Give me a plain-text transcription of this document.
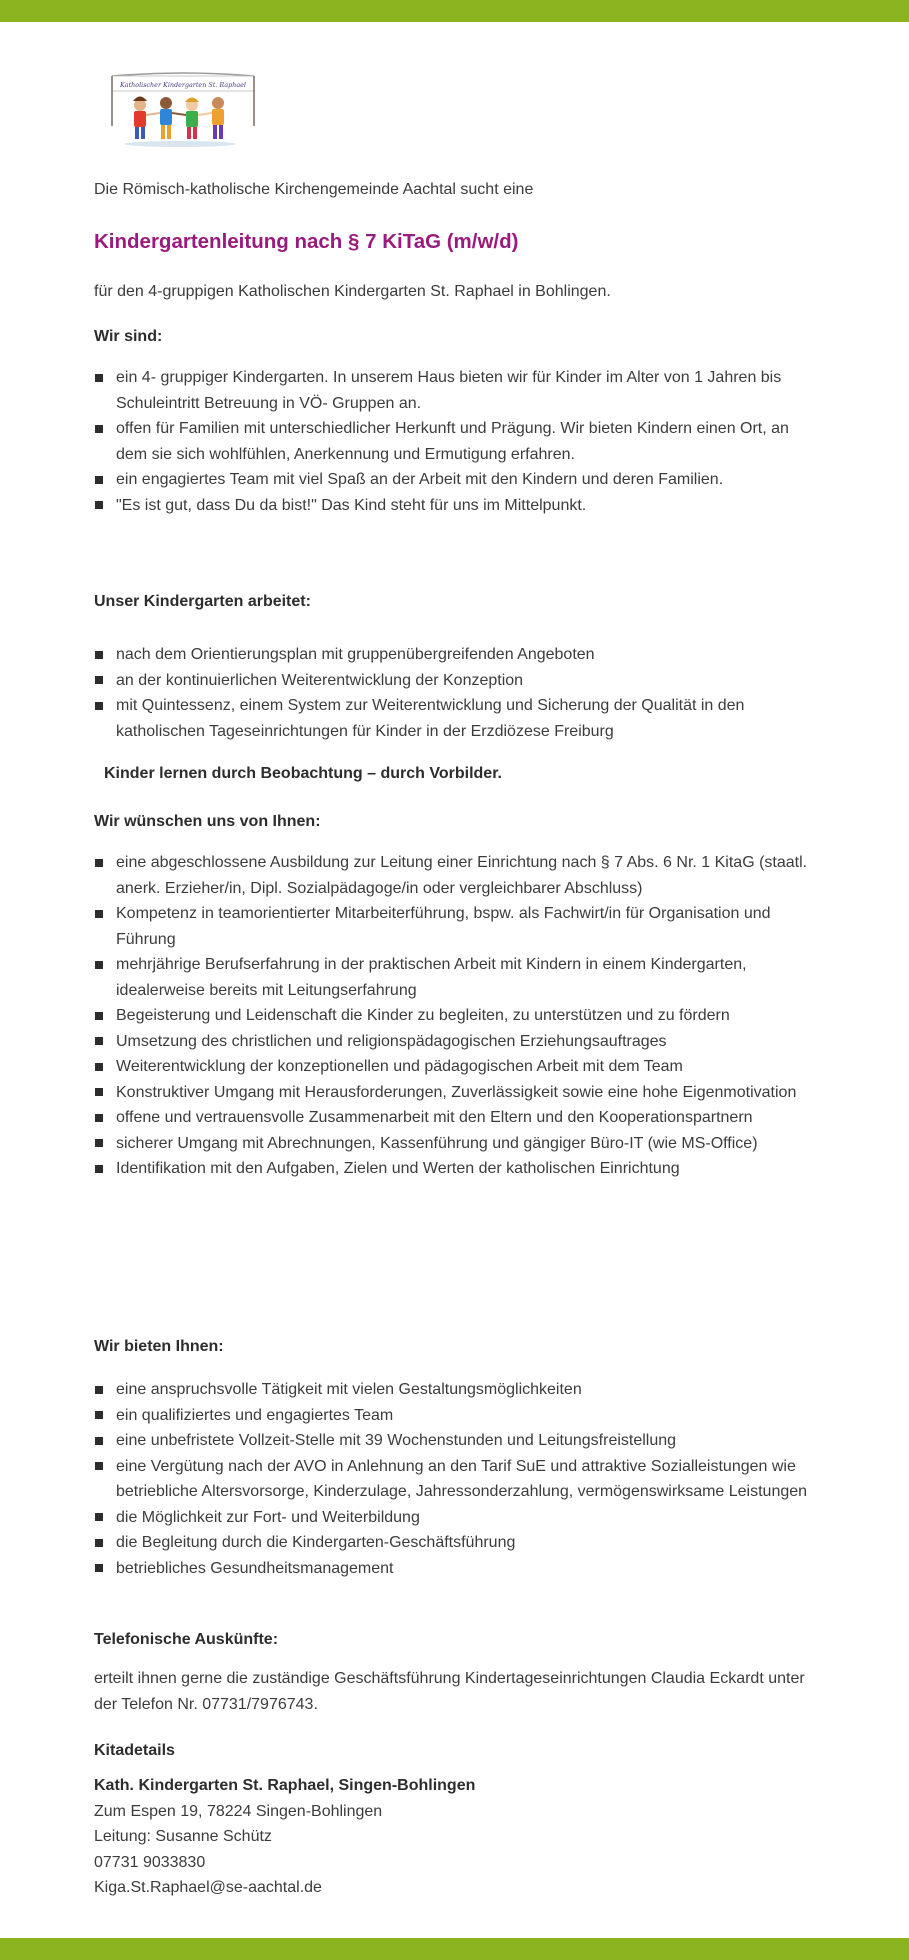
Katholischer Kindergarten St. Raphael

Die Römisch-katholische Kirchengemeinde Aachtal sucht eine

Kindergartenleitung nach § 7 KiTaG (m/w/d)

für den 4-gruppigen Katholischen Kindergarten St. Raphael in Bohlingen.

Wir sind:
ein 4- gruppiger Kindergarten. In unserem Haus bieten wir für Kinder im Alter von 1 Jahren bis Schuleintritt Betreuung in VÖ- Gruppen an.
offen für Familien mit unterschiedlicher Herkunft und Prägung. Wir bieten Kindern einen Ort, an dem sie sich wohlfühlen, Anerkennung und Ermutigung erfahren.
ein engagiertes Team mit viel Spaß an der Arbeit mit den Kindern und deren Familien.
"Es ist gut, dass Du da bist!" Das Kind steht für uns im Mittelpunkt.
Unser Kindergarten arbeitet:
nach dem Orientierungsplan mit gruppenübergreifenden Angeboten
an der kontinuierlichen Weiterentwicklung der Konzeption
mit Quintessenz, einem System zur Weiterentwicklung und Sicherung der Qualität in den katholischen Tageseinrichtungen für Kinder in der Erzdiözese Freiburg

Kinder lernen durch Beobachtung – durch Vorbilder.

Wir wünschen uns von Ihnen:
eine abgeschlossene Ausbildung zur Leitung einer Einrichtung nach § 7 Abs. 6 Nr. 1 KitaG (staatl. anerk. Erzieher/in, Dipl. Sozialpädagoge/in oder vergleichbarer Abschluss)
Kompetenz in teamorientierter Mitarbeiterführung, bspw. als Fachwirt/in für Organisation und Führung
mehrjährige Berufserfahrung in der praktischen Arbeit mit Kindern in einem Kindergarten, idealerweise bereits mit Leitungserfahrung
Begeisterung und Leidenschaft die Kinder zu begleiten, zu unterstützen und zu fördern
Umsetzung des christlichen und religionspädagogischen Erziehungsauftrages
Weiterentwicklung der konzeptionellen und pädagogischen Arbeit mit dem Team
Konstruktiver Umgang mit Herausforderungen, Zuverlässigkeit sowie eine hohe Eigenmotivation
offene und vertrauensvolle Zusammenarbeit mit den Eltern und den Kooperationspartnern
sicherer Umgang mit Abrechnungen, Kassenführung und gängiger Büro-IT (wie MS-Office)
Identifikation mit den Aufgaben, Zielen und Werten der katholischen Einrichtung
Wir bieten Ihnen:
eine anspruchsvolle Tätigkeit mit vielen Gestaltungsmöglichkeiten
ein qualifiziertes und engagiertes Team
eine unbefristete Vollzeit-Stelle mit 39 Wochenstunden und Leitungsfreistellung
eine Vergütung nach der AVO in Anlehnung an den Tarif SuE und attraktive Sozialleistungen wie betriebliche Altersvorsorge, Kinderzulage, Jahressonderzahlung, vermögenswirksame Leistungen
die Möglichkeit zur Fort- und Weiterbildung
die Begleitung durch die Kindergarten-Geschäftsführung
betriebliches Gesundheitsmanagement
Telefonische Auskünfte:

erteilt ihnen gerne die zuständige Geschäftsführung Kindertageseinrichtungen Claudia Eckardt unter der Telefon Nr. 07731/7976743.

Kitadetails
Kath. Kindergarten St. Raphael, Singen-Bohlingen
Zum Espen 19, 78224 Singen-Bohlingen
Leitung: Susanne Schütz
07731 9033830
Kiga.St.Raphael@se-aachtal.de
